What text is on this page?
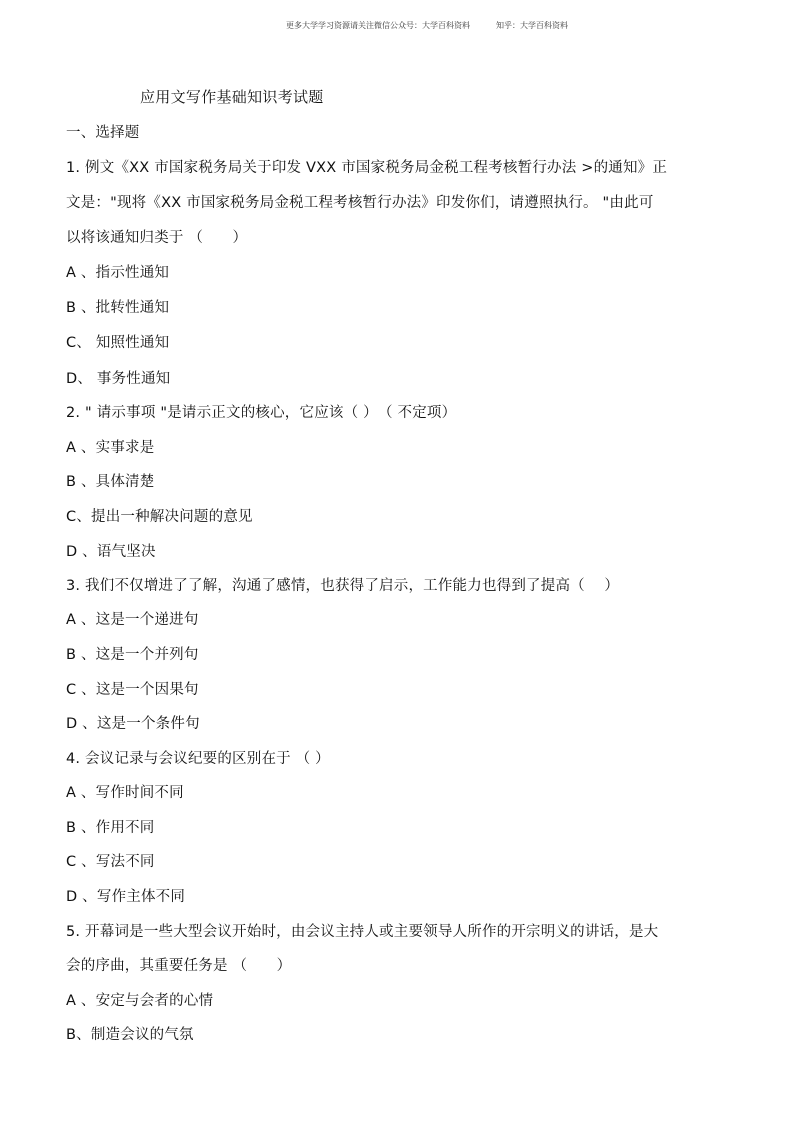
更多大学学习资源请关注微信公众号：大学百科资料	知乎：大学百科资料
应用文写作基础知识考试题
一、选择题
1. 例文《XX 市国家税务局关于印发 VXX 市国家税务局金税工程考核暂行办法 >的通知》正
文是："现将《XX 市国家税务局金税工程考核暂行办法》印发你们，请遵照执行。 "由此可
以将该通知归类于 （　　）
A 、指示性通知
B 、批转性通知
C、 知照性通知
D、 事务性通知
2. " 请示事项 "是请示正文的核心，它应该（ ）　（ 不定项）
A 、实事求是
B 、具体清楚
C、提出一种解决问题的意见
D 、语气坚决
3. 我们不仅增进了了解，沟通了感情，也获得了启示，工作能力也得到了提高（　 ）
A 、这是一个递进句
B 、这是一个并列句
C 、这是一个因果句
D 、这是一个条件句
4. 会议记录与会议纪要的区别在于 （ ）
A 、写作时间不同
B 、作用不同
C 、写法不同
D 、写作主体不同
5. 开幕词是一些大型会议开始时，由会议主持人或主要领导人所作的开宗明义的讲话，是大
会的序曲，其重要任务是 （　　）
A 、安定与会者的心情
B、制造会议的气氛
